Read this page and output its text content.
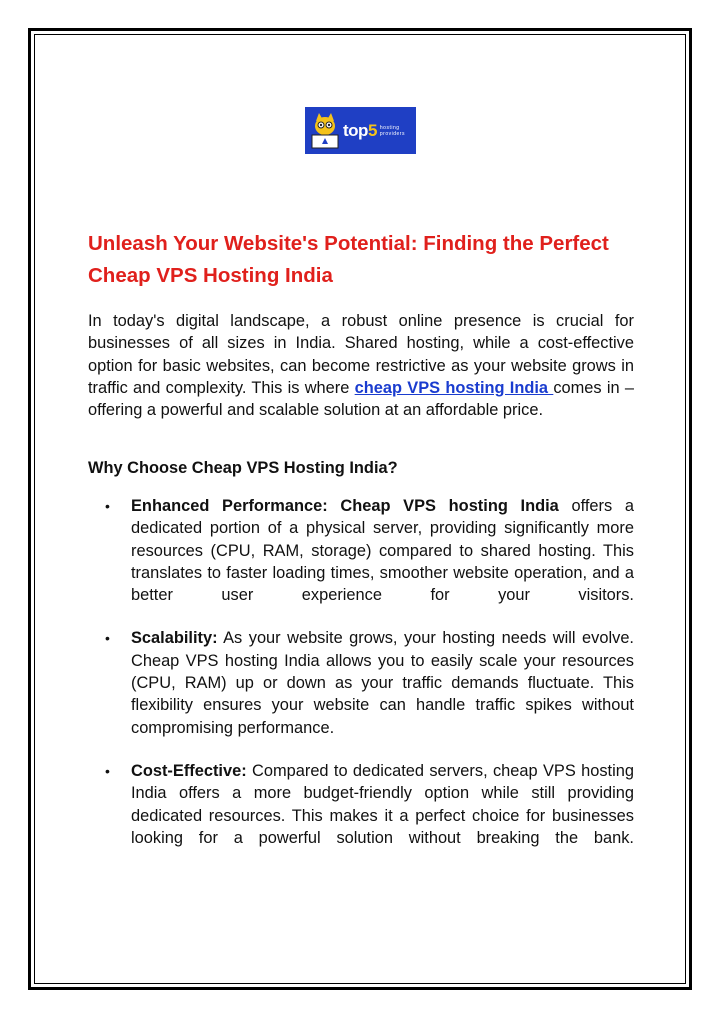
top 5 hosting
providers
Unleash Your Website's Potential: Finding the Perfect Cheap VPS Hosting India

In today's digital landscape, a robust online presence is crucial for businesses of all sizes in India. Shared hosting, while a cost-effective option for basic websites, can become restrictive as your website grows in traffic and complexity. This is where cheap VPS hosting India comes in – offering a powerful and scalable solution at an affordable price.

Why Choose Cheap VPS Hosting India?
• Enhanced Performance: Cheap VPS hosting India offers a dedicated portion of a physical server, providing significantly more resources (CPU, RAM, storage) compared to shared hosting. This translates to faster loading times, smoother website operation, and a better user experience for your visitors.
• Scalability: As your website grows, your hosting needs will evolve. Cheap VPS hosting India allows you to easily scale your resources (CPU, RAM) up or down as your traffic demands fluctuate. This flexibility ensures your website can handle traffic spikes without compromising performance.
• Cost-Effective: Compared to dedicated servers, cheap VPS hosting India offers a more budget-friendly option while still providing dedicated resources. This makes it a perfect choice for businesses looking for a powerful solution without breaking the bank.
